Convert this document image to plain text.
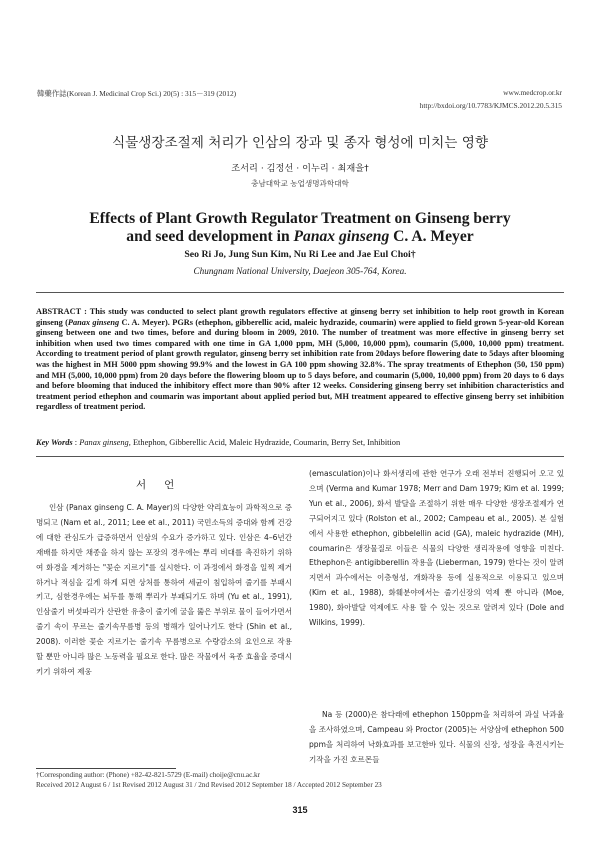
韓藥作誌(Korean J. Medicinal Crop Sci.) 20(5) : 315－319 (2012)	www.medcrop.or.kr
http://bxdoi.org/10.7783/KJMCS.2012.20.5.315
식물생장조절제 처리가 인삼의 장과 및 종자 형성에 미치는 영향
조서리 · 김정선 · 이누리 · 최재을†
충남대학교 농업생명과학대학
Effects of Plant Growth Regulator Treatment on Ginseng berry
and seed development in Panax ginseng C. A. Meyer
Seo Ri Jo, Jung Sun Kim, Nu Ri Lee and Jae Eul Choi†
Chungnam National University, Daejeon 305-764, Korea.
ABSTRACT : This study was conducted to select plant growth regulators effective at ginseng berry set inhibition to help root growth in Korean ginseng (Panax ginseng C. A. Meyer). PGRs (ethephon, gibberellic acid, maleic hydrazide, coumarin) were applied to field grown 5-year-old Korean ginseng between one and two times, before and during bloom in 2009, 2010. The number of treatment was more effective in ginseng berry set inhibition when used two times compared with one time in GA 1,000 ppm, MH (5,000, 10,000 ppm), coumarin (5,000, 10,000 ppm) treatment. According to treatment period of plant growth regulator, ginseng berry set inhibition rate from 20days before flowering date to 5days after blooming was the highest in MH 5000 ppm showing 99.9% and the lowest in GA 100 ppm showing 32.8%. The spray treatments of Ethephon (50, 150 ppm) and MH (5,000, 10,000 ppm) from 20 days before the flowering bloom up to 5 days before, and coumarin (5,000, 10,000 ppm) from 20 days to 6 days and before blooming that induced the inhibitory effect more than 90% after 12 weeks. Considering ginseng berry set inhibition characteristics and treatment period ethephon and coumarin was important about applied period but, MH treatment appeared to effective ginseng berry set inhibition regardless of treatment period.
Key Words : Panax ginseng, Ethephon, Gibberellic Acid, Maleic Hydrazide, Coumarin, Berry Set, Inhibition
서언
인삼 (Panax ginseng C. A. Mayer)의 다양한 약리효능이 과학적으로 증명되고 (Nam et al., 2011; Lee et al., 2011) 국민소득의 증대와 함께 건강에 대한 관심도가 급증하면서 인삼의 수요가 증가하고 있다. 인삼은 4–6년간 재배를 하지만 채종을 하지 않는 포장의 경우에는 뿌리 비대를 촉진하기 위하여 화경을 제거하는 "꽃순 지르기"를 실시한다. 이 과정에서 화경을 일찍 제거하거나 적심을 길게 하게 되면 상처를 통하여 세균이 침입하여 줄기를 부패시키고, 심한경우에는 뇌두를 통해 뿌리가 부패되기도 하며 (Yu et al., 1991), 인삼줄기 버섯파리가 산란한 유충이 줄기에 굴을 뚫은 부위로 물이 들어가면서 줄기 속이 무르는 줄기속무름병 등의 병해가 일어나기도 한다 (Shin et al., 2008). 이러한 꽃순 지르기는 줄기속 무름병으로 수량감소의 요인으로 작용 할 뿐만 아니라 많은 노동력을 필요로 한다. 많은 작물에서 육종 효율을 증대시키기 위하여 제웅
(emasculation)이나 화서생리에 관한 연구가 오래 전부터 진행되어 오고 있으며 (Verma and Kumar 1978; Merr and Dam 1979; Kim et al. 1999; Yun et al., 2006), 화서 발달을 조절하기 위한 매우 다양한 생장조절제가 연구되어지고 있다 (Rolston et al., 2002; Campeau et al., 2005). 본 실험에서 사용한 ethephon, gibbelellin acid (GA), maleic hydrazide (MH), coumarin은 생장물질로 이들은 식물의 다양한 생리작용에 영향을 미친다. Ethephon은 antigibberellin 작용을 (Lieberman, 1979) 한다는 것이 알려지면서 과수에서는 이층형성, 개화작용 등에 실용적으로 이용되고 있으며 (Kim et al., 1988), 화훼분야에서는 줄기신장의 억제 뿐 아니라 (Moe, 1980), 화아발달 억제에도 사용 할 수 있는 것으로 알려져 있다 (Dole and Wilkins, 1999).
Na 등 (2000)은 참다래에 ethephon 150ppm을 처리하여 과실 낙과율을 조사하였으며, Campeau 와 Proctor (2005)는 서양삼에 ethephon 500 ppm을 처리하여 낙화효과를 보고한바 있다. 식물의 신장, 성장을 촉진시키는 기작을 가진 호르몬들
†Corresponding author: (Phone) +82-42-821-5729 (E-mail) choije@cnu.ac.kr
Received 2012 August 6 / 1st Revised 2012 August 31 / 2nd Revised 2012 September 18 / Accepted 2012 September 23
315
